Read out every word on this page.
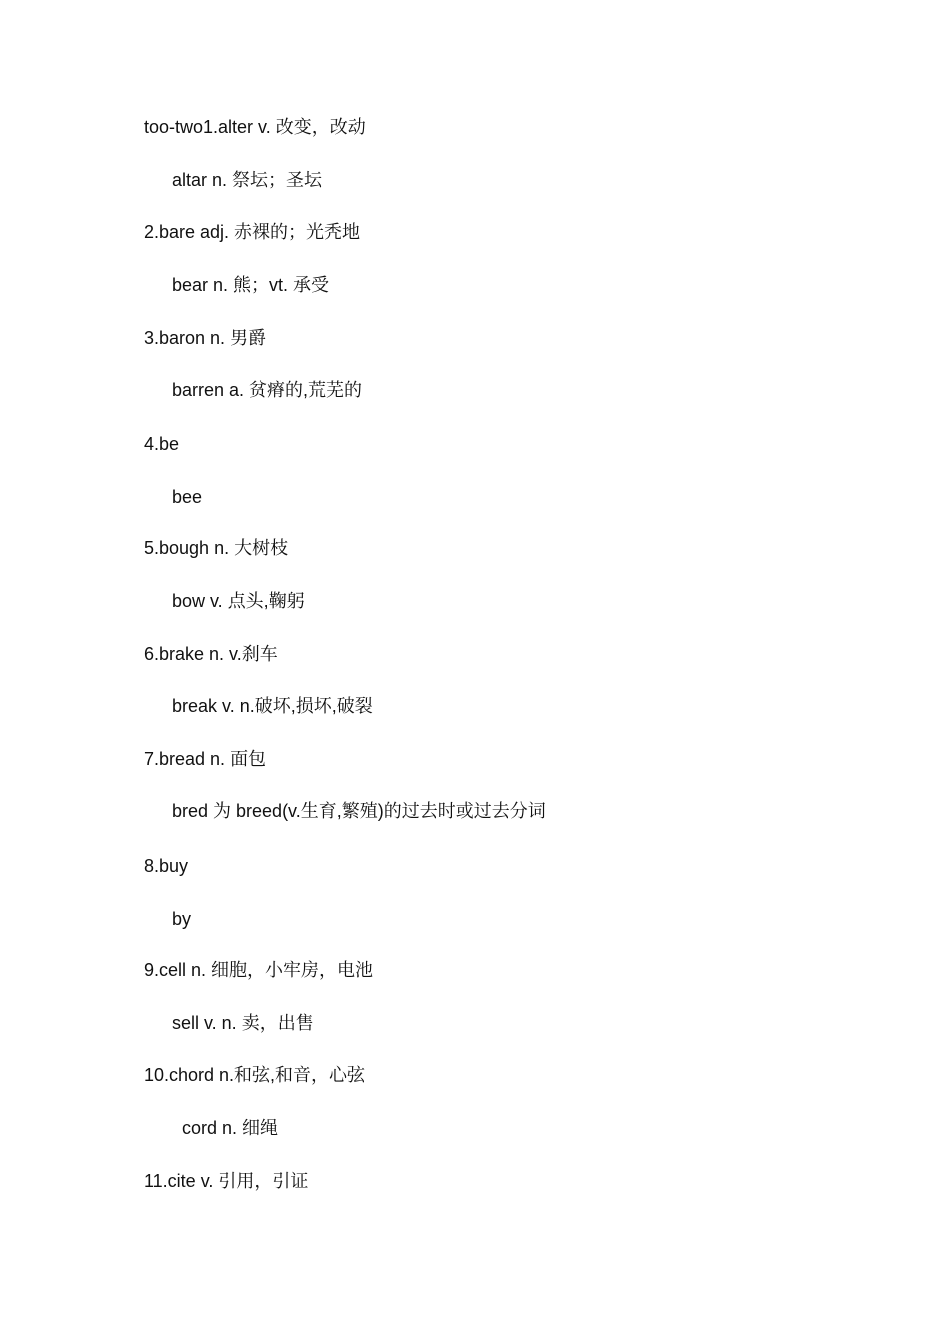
too-two1.alter v. 改变，改动
altar n. 祭坛；圣坛
2.bare adj. 赤裸的；光秃地
bear n. 熊；vt. 承受
3.baron n. 男爵
barren a. 贫瘠的,荒芜的
4.be
bee
5.bough n. 大树枝
bow v. 点头,鞠躬
6.brake n. v.刹车
break v. n.破坏,损坏,破裂
7.bread n. 面包
bred 为 breed(v.生育,繁殖)的过去时或过去分词
8.buy
by
9.cell n. 细胞，小牢房，电池
sell v. n. 卖，出售
10.chord n.和弦,和音，心弦
cord n. 细绳
11.cite v. 引用，引证
